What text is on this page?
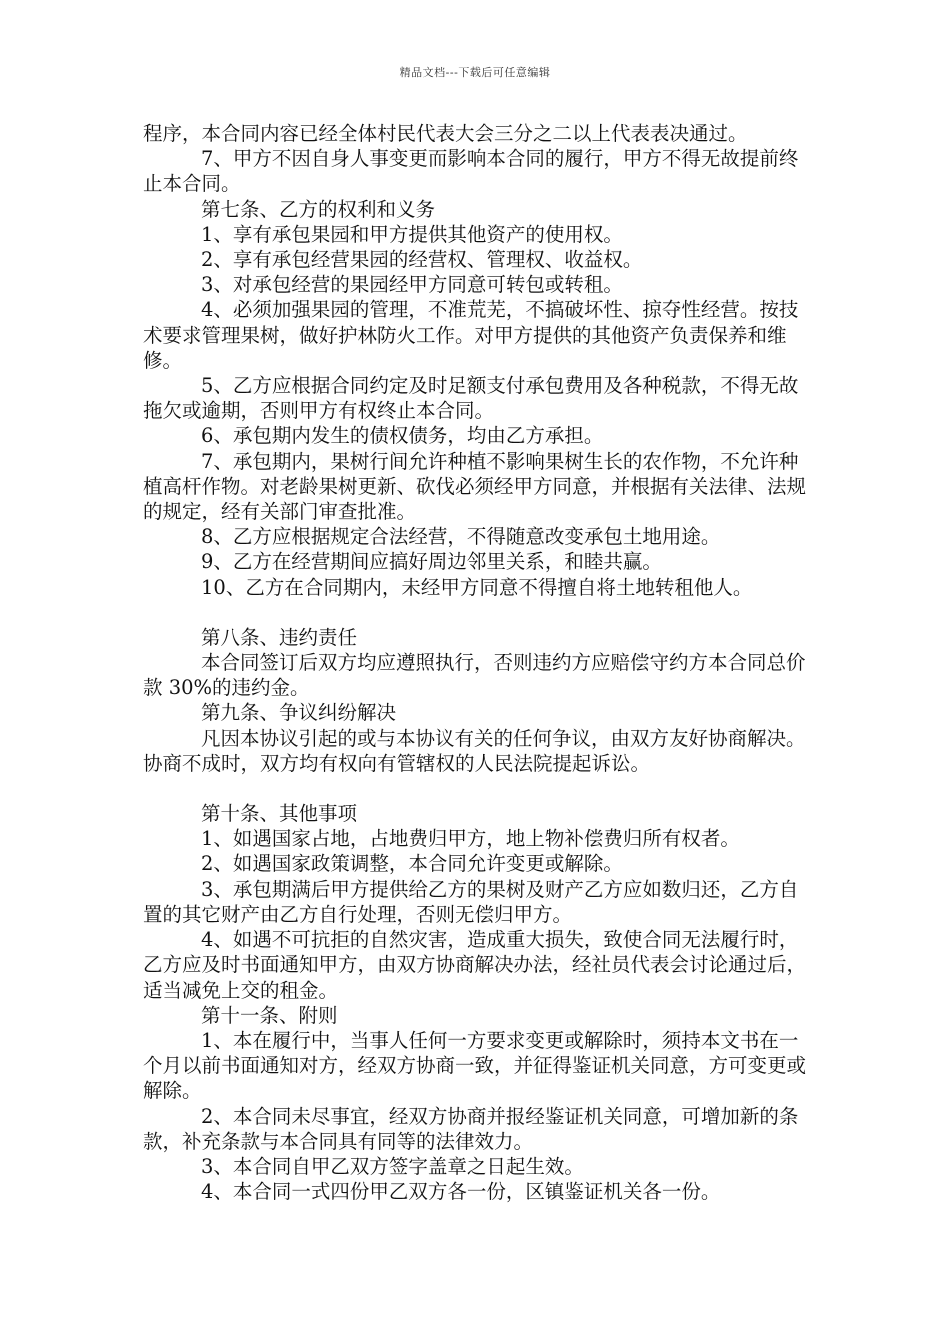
精品文档---下载后可任意编辑

程序，本合同内容已经全体村民代表大会三分之二以上代表表决通过。

7、甲方不因自身人事变更而影响本合同的履行，甲方不得无故提前终止本合同。

第七条、乙方的权利和义务

1、享有承包果园和甲方提供其他资产的使用权。

2、享有承包经营果园的经营权、管理权、收益权。

3、对承包经营的果园经甲方同意可转包或转租。

4、必须加强果园的管理，不准荒芜，不搞破坏性、掠夺性经营。按技术要求管理果树，做好护林防火工作。对甲方提供的其他资产负责保养和维修。

5、乙方应根据合同约定及时足额支付承包费用及各种税款，不得无故拖欠或逾期，否则甲方有权终止本合同。

6、承包期内发生的债权债务，均由乙方承担。

7、承包期内，果树行间允许种植不影响果树生长的农作物，不允许种植高杆作物。对老龄果树更新、砍伐必须经甲方同意，并根据有关法律、法规的规定，经有关部门审查批准。

8、乙方应根据规定合法经营，不得随意改变承包土地用途。

9、乙方在经营期间应搞好周边邻里关系，和睦共赢。

10、乙方在合同期内，未经甲方同意不得擅自将土地转租他人。

第八条、违约责任

本合同签订后双方均应遵照执行，否则违约方应赔偿守约方本合同总价款 30%的违约金。

第九条、争议纠纷解决

凡因本协议引起的或与本协议有关的任何争议，由双方友好协商解决。协商不成时，双方均有权向有管辖权的人民法院提起诉讼。

第十条、其他事项

1、如遇国家占地，占地费归甲方，地上物补偿费归所有权者。

2、如遇国家政策调整，本合同允许变更或解除。

3、承包期满后甲方提供给乙方的果树及财产乙方应如数归还，乙方自置的其它财产由乙方自行处理，否则无偿归甲方。

4、如遇不可抗拒的自然灾害，造成重大损失，致使合同无法履行时，乙方应及时书面通知甲方，由双方协商解决办法，经社员代表会讨论通过后，适当减免上交的租金。

第十一条、附则

1、本在履行中，当事人任何一方要求变更或解除时，须持本文书在一个月以前书面通知对方，经双方协商一致，并征得鉴证机关同意，方可变更或解除。

2、本合同未尽事宜，经双方协商并报经鉴证机关同意，可增加新的条款，补充条款与本合同具有同等的法律效力。

3、本合同自甲乙双方签字盖章之日起生效。

4、本合同一式四份甲乙双方各一份，区镇鉴证机关各一份。
